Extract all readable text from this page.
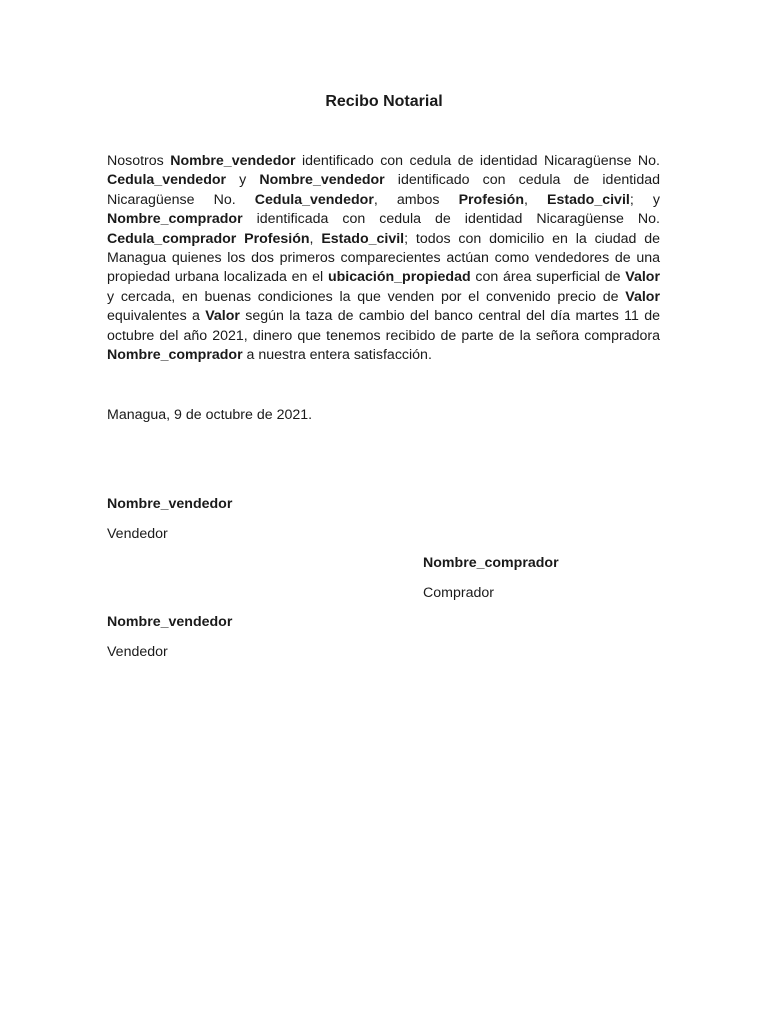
Recibo Notarial

Nosotros Nombre_vendedor identificado con cedula de identidad Nicaragüense No. Cedula_vendedor y Nombre_vendedor identificado con cedula de identidad Nicaragüense No. Cedula_vendedor, ambos Profesión, Estado_civil; y Nombre_comprador identificada con cedula de identidad Nicaragüense No. Cedula_comprador Profesión, Estado_civil; todos con domicilio en la ciudad de Managua quienes los dos primeros comparecientes actúan como vendedores de una propiedad urbana localizada en el ubicación_propiedad con área superficial de Valor y cercada, en buenas condiciones la que venden por el convenido precio de Valor equivalentes a Valor según la taza de cambio del banco central del día martes 11 de octubre del año 2021, dinero que tenemos recibido de parte de la señora compradora Nombre_comprador a nuestra entera satisfacción.

Managua, 9 de octubre de 2021.
Nombre_vendedor
Vendedor
Nombre_comprador
Comprador
Nombre_vendedor
Vendedor
